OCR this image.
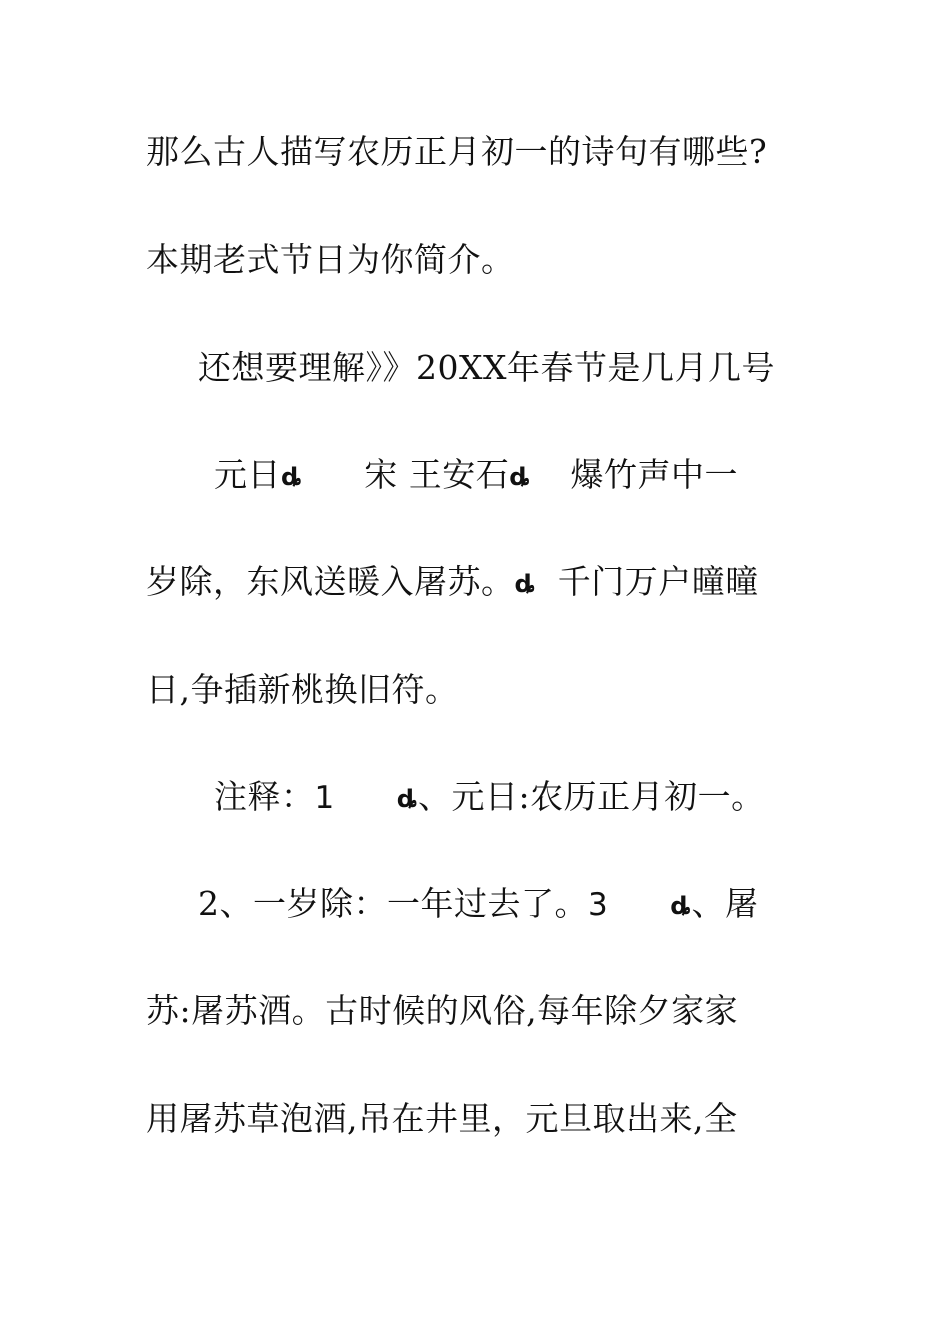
那么古人描写农历正月初一的诗句有哪些?
本期老式节日为你简介。
还想要理解》》20XX年春节是几月几号
元日ȡ 宋 王安石ȡ 爆竹声中一
岁除，东风送暖入屠苏。ȡ 千门万户曈曈
日,争插新桃换旧符。
注释：1	ȡ、元日:农历正月初一。
2、一岁除：一年过去了。3	ȡ、屠
苏:屠苏酒。古时候的风俗,每年除夕家家
用屠苏草泡酒,吊在井里，元旦取出来,全
